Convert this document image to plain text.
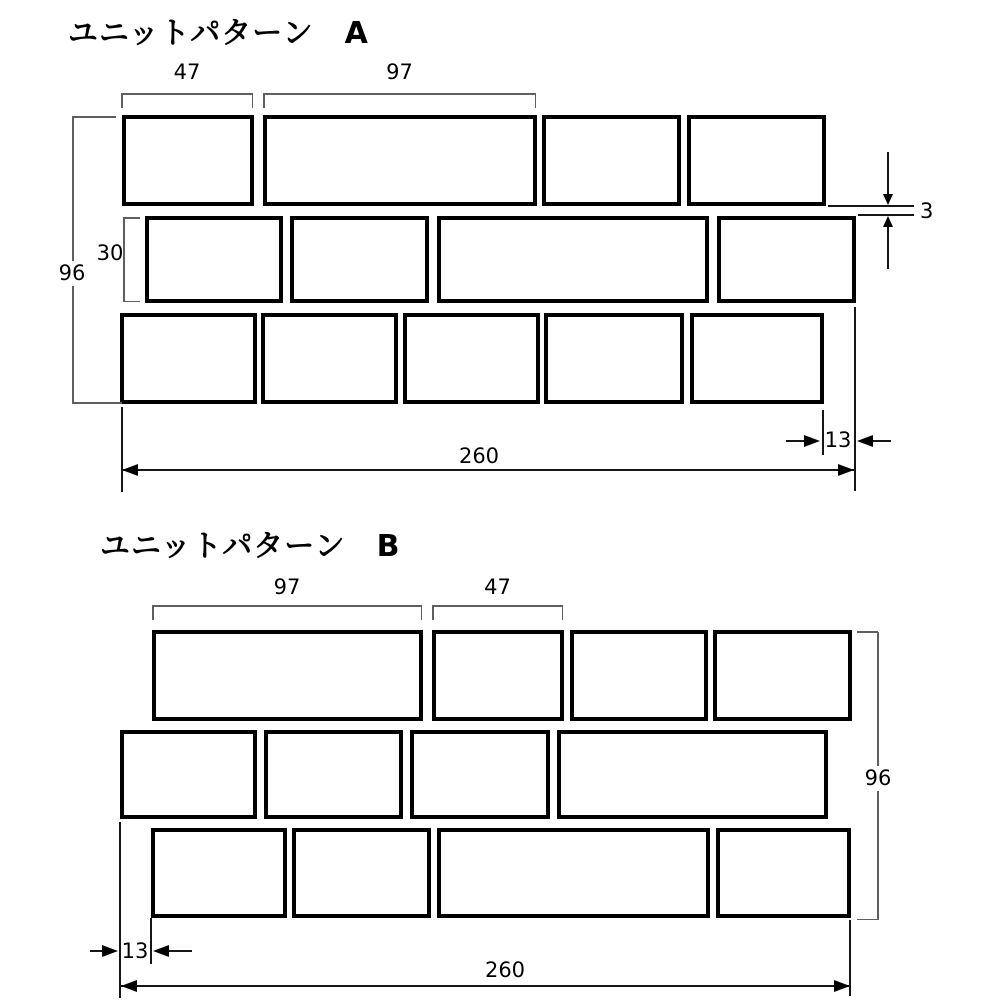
ユニットパターン　A
47	97
96
30
3
13
260
ユニットパターン　B
97	47
96
13
260
